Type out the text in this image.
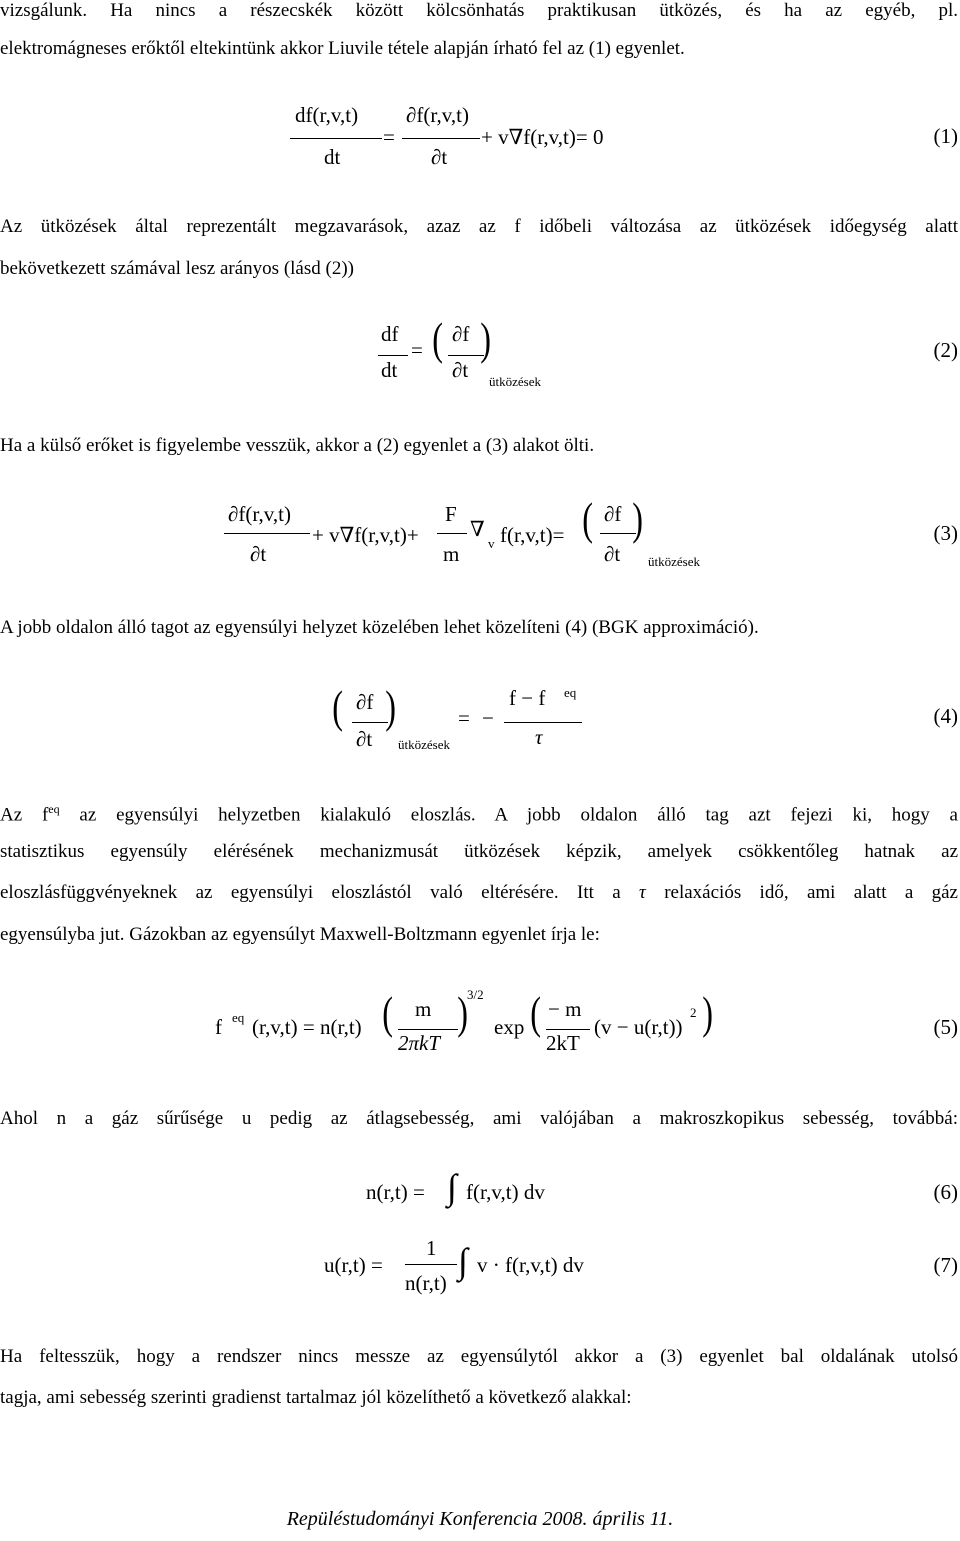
vizsgálunk. Ha nincs a részecskék között kölcsönhatás praktikusan ütközés, és ha az egyéb, pl.
elektromágneses erőktől eltekintünk akkor Liuvile tétele alapján írható fel az (1) egyenlet.
df(r,v,t)
dt
=
∂f(r,v,t)
∂t
+ v∇f(r,v,t)= 0	(1)
Az ütközések által reprezentált megzavarások, azaz az f időbeli változása az ütközések időegység alatt
bekövetkezett számával lesz arányos (lásd (2))
df
dt
= ( ∂f
∂t
)
ütközések
(2)
Ha a külső erőket is figyelembe vesszük, akkor a (2) egyenlet a (3) alakot ölti.
∂f(r,v,t)
∂t
+ v∇f(r,v,t)+
F
m
∇
v f(r,v,t)= ( ∂f
∂t
)
ütközések
(3)
A jobb oldalon álló tagot az egyensúlyi helyzet közelében lehet közelíteni (4) (BGK approximáció).
( ∂f
∂t
)
ütközések
= −
f − f eq
τ
(4)
Az $f^{eq}$ az egyensúlyi helyzetben kialakuló eloszlás. A jobb oldalon álló tag azt fejezi ki, hogy a
statisztikus egyensúly elérésének mechanizmusát ütközések képzik, amelyek csökkentőleg hatnak az
eloszlásfüggvényeknek az egyensúlyi eloszlástól való eltérésére. Itt a τ relaxációs idő, ami alatt a gáz
egyensúlyba jut. Gázokban az egyensúlyt Maxwell-Boltzmann egyenlet írja le:
f eq (r,v,t) = n(r,t) ( m
2πkT
)
3/2
exp ( − m
2kT
(v − u(r,t))
2 )	(5)
Ahol n a gáz sűrűsége u pedig az átlagsebesség, ami valójában a makroszkopikus sebesség, továbbá:
n(r,t) = ∫ f(r,v,t) dv	(6)
u(r,t) =
1
n(r,t)
∫ v · f(r,v,t) dv	(7)
Ha feltesszük, hogy a rendszer nincs messze az egyensúlytól akkor a (3) egyenlet bal oldalának utolsó
tagja, ami sebesség szerinti gradienst tartalmaz jól közelíthető a következő alakkal:
Repüléstudományi Konferencia 2008. április 11.
